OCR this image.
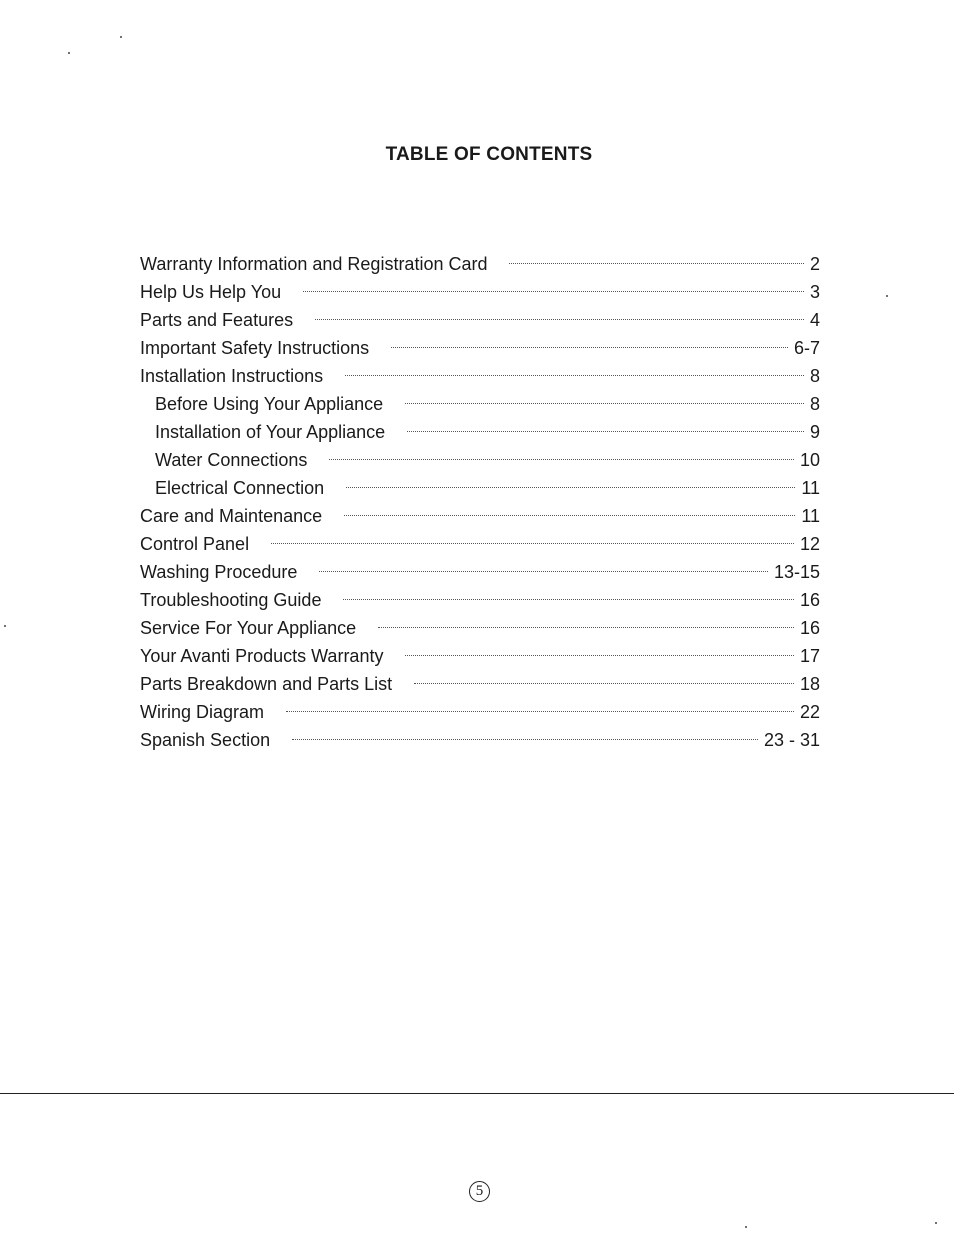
TABLE OF CONTENTS
Warranty Information and Registration Card	2
Help Us Help You	3
Parts and Features	4
Important Safety Instructions	6-7
Installation Instructions	8
Before Using Your Appliance	8
Installation of Your Appliance	9
Water Connections	10
Electrical Connection	11
Care and Maintenance	11
Control Panel	12
Washing Procedure	13-15
Troubleshooting Guide	16
Service For Your Appliance	16
Your Avanti Products Warranty	17
Parts Breakdown and Parts List	18
Wiring Diagram	22
Spanish Section	23 - 31
5
